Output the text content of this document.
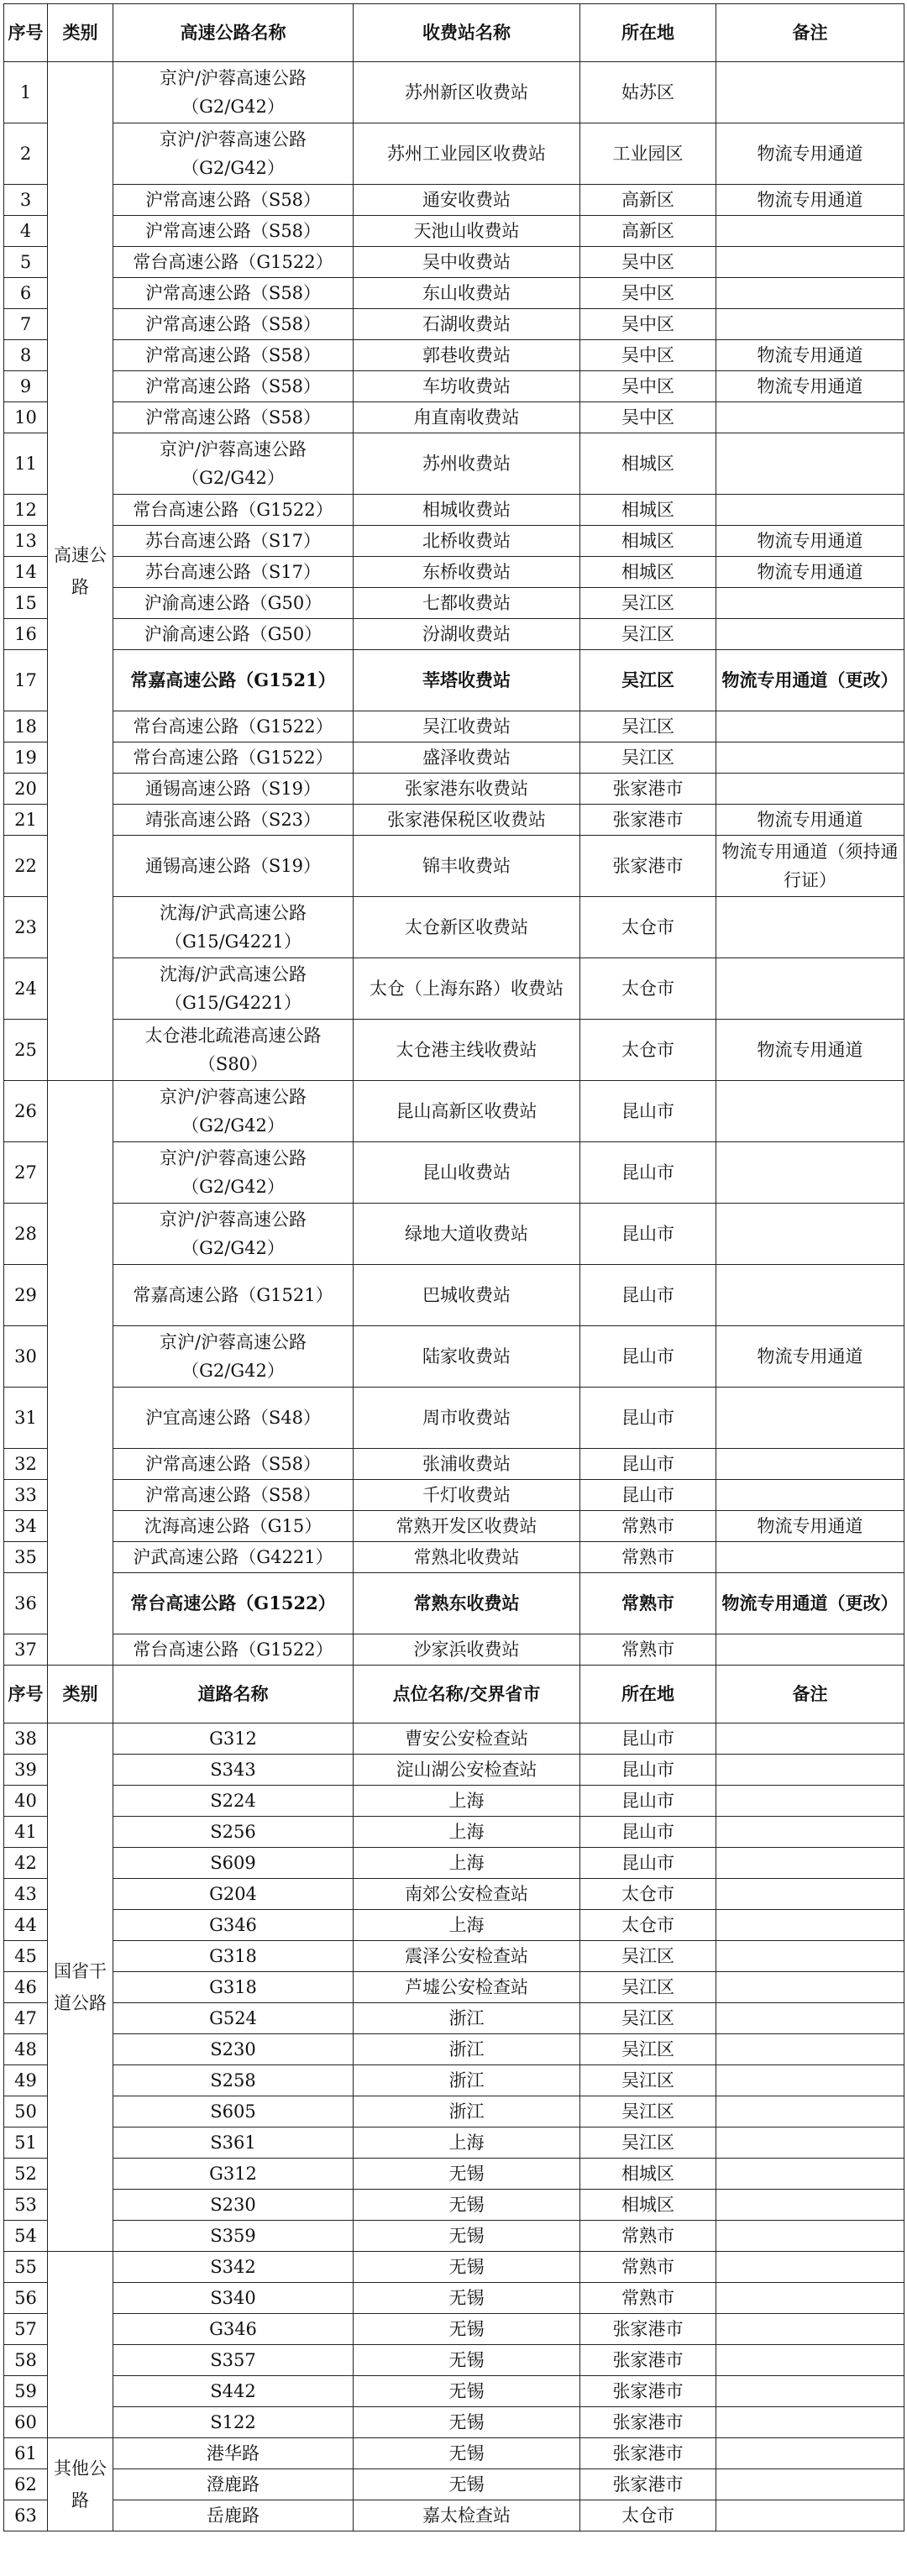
序号	类别	高速公路名称	收费站名称	所在地	备注
1	高速公路	京沪/沪蓉高速公路（G2/G42）	苏州新区收费站	姑苏区	
2		京沪/沪蓉高速公路（G2/G42）	苏州工业园区收费站	工业园区	物流专用通道
3		沪常高速公路（S58）	通安收费站	高新区	物流专用通道
4		沪常高速公路（S58）	天池山收费站	高新区	
5		常台高速公路（G1522）	吴中收费站	吴中区	
6		沪常高速公路（S58）	东山收费站	吴中区	
7		沪常高速公路（S58）	石湖收费站	吴中区	
8		沪常高速公路（S58）	郭巷收费站	吴中区	物流专用通道
9		沪常高速公路（S58）	车坊收费站	吴中区	物流专用通道
10		沪常高速公路（S58）	甪直南收费站	吴中区	
11		京沪/沪蓉高速公路（G2/G42）	苏州收费站	相城区	
12		常台高速公路（G1522）	相城收费站	相城区	
13		苏台高速公路（S17）	北桥收费站	相城区	物流专用通道
14		苏台高速公路（S17）	东桥收费站	相城区	物流专用通道
15		沪渝高速公路（G50）	七都收费站	吴江区	
16		沪渝高速公路（G50）	汾湖收费站	吴江区	
17		常嘉高速公路（G1521）	莘塔收费站	吴江区	物流专用通道（更改）
18		常台高速公路（G1522）	吴江收费站	吴江区	
19		常台高速公路（G1522）	盛泽收费站	吴江区	
20		通锡高速公路（S19）	张家港东收费站	张家港市	
21		靖张高速公路（S23）	张家港保税区收费站	张家港市	物流专用通道
22		通锡高速公路（S19）	锦丰收费站	张家港市	物流专用通道（须持通行证）
23		沈海/沪武高速公路（G15/G4221）	太仓新区收费站	太仓市	
24		沈海/沪武高速公路（G15/G4221）	太仓（上海东路）收费站	太仓市	
25		太仓港北疏港高速公路（S80）	太仓港主线收费站	太仓市	物流专用通道
26		京沪/沪蓉高速公路（G2/G42）	昆山高新区收费站	昆山市	
27		京沪/沪蓉高速公路（G2/G42）	昆山收费站	昆山市	
28		京沪/沪蓉高速公路（G2/G42）	绿地大道收费站	昆山市	
29		常嘉高速公路（G1521）	巴城收费站	昆山市	
30		京沪/沪蓉高速公路（G2/G42）	陆家收费站	昆山市	物流专用通道
31		沪宜高速公路（S48）	周市收费站	昆山市	
32		沪常高速公路（S58）	张浦收费站	昆山市	
33		沪常高速公路（S58）	千灯收费站	昆山市	
34		沈海高速公路（G15）	常熟开发区收费站	常熟市	物流专用通道
35		沪武高速公路（G4221）	常熟北收费站	常熟市	
36		常台高速公路（G1522）	常熟东收费站	常熟市	物流专用通道（更改）
37		常台高速公路（G1522）	沙家浜收费站	常熟市	
序号	类别	道路名称	点位名称/交界省市	所在地	备注
38	国省干道公路	G312	曹安公安检查站	昆山市	
39		S343	淀山湖公安检查站	昆山市	
40		S224	上海	昆山市	
41		S256	上海	昆山市	
42		S609	上海	昆山市	
43		G204	南郊公安检查站	太仓市	
44		G346	上海	太仓市	
45		G318	震泽公安检查站	吴江区	
46		G318	芦墟公安检查站	吴江区	
47		G524	浙江	吴江区	
48		S230	浙江	吴江区	
49		S258	浙江	吴江区	
50		S605	浙江	吴江区	
51		S361	上海	吴江区	
52		G312	无锡	相城区	
53		S230	无锡	相城区	
54		S359	无锡	常熟市	
55		S342	无锡	常熟市	
56		S340	无锡	常熟市	
57		G346	无锡	张家港市	
58		S357	无锡	张家港市	
59		S442	无锡	张家港市	
60		S122	无锡	张家港市	
61	其他公路	港华路	无锡	张家港市	
62		澄鹿路	无锡	张家港市	
63		岳鹿路	嘉太检查站	太仓市	
